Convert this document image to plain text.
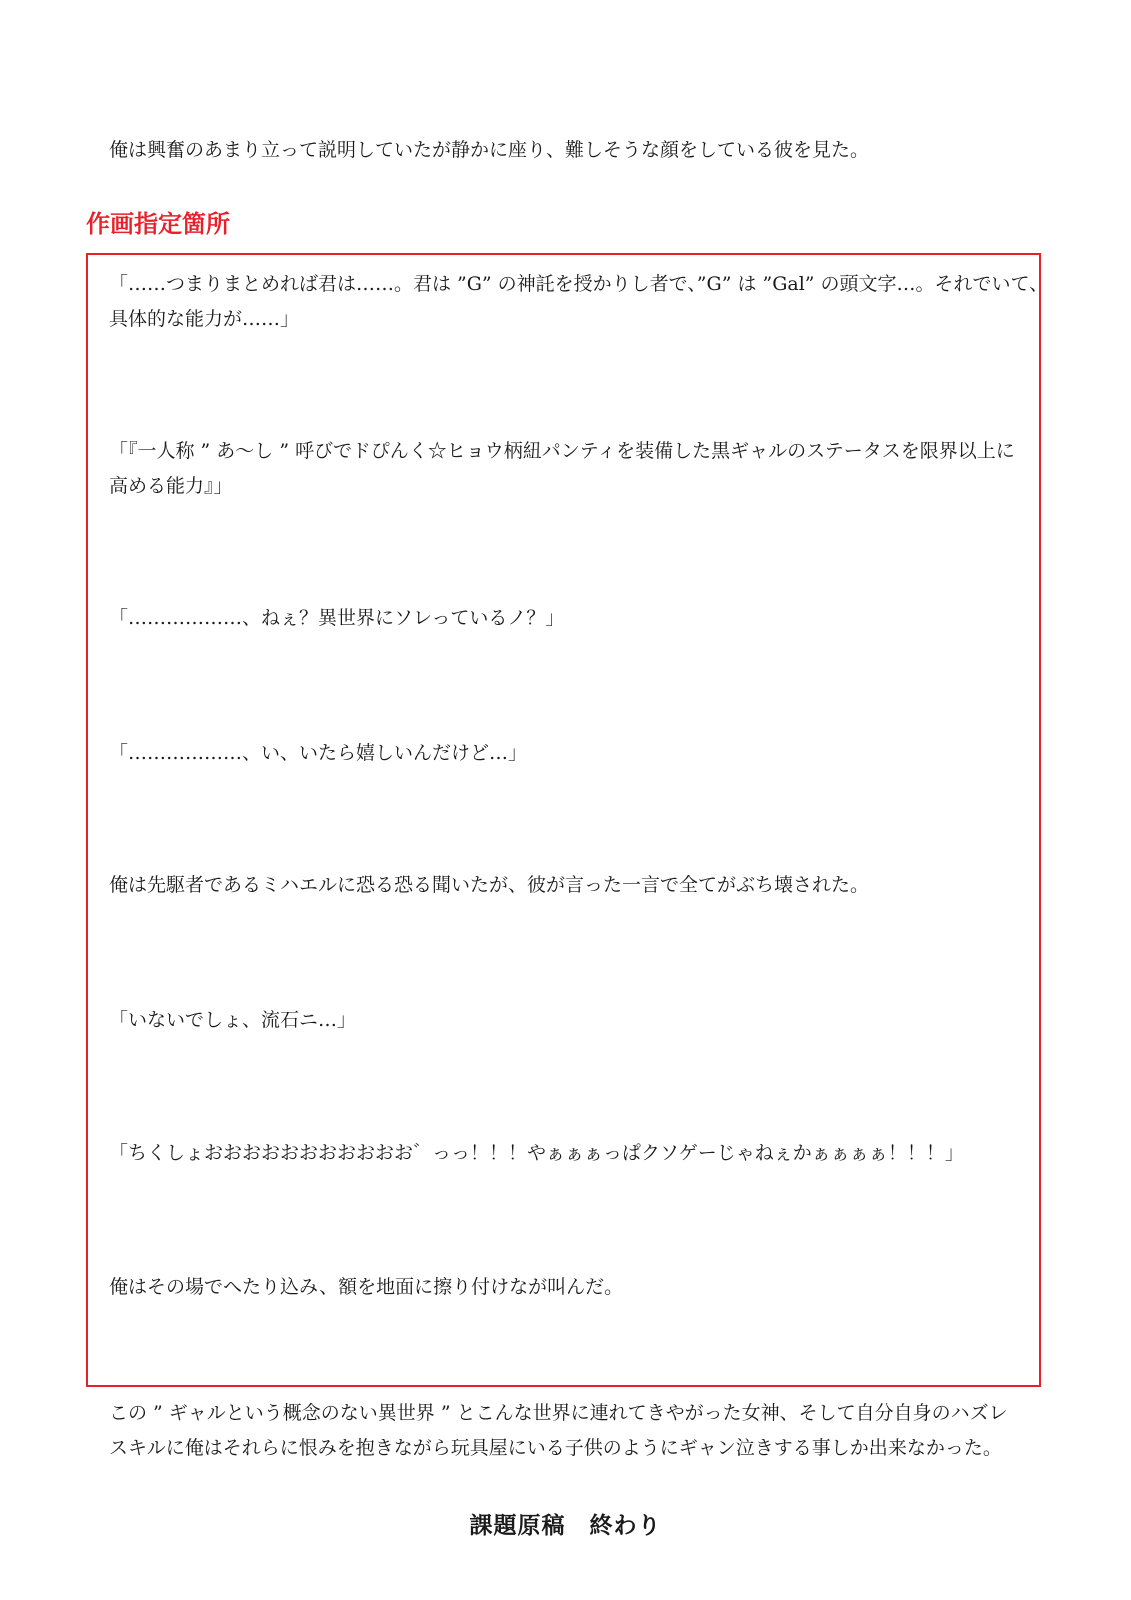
俺は興奮のあまり立って説明していたが静かに座り、難しそうな顔をしている彼を見た。

作画指定箇所

「……つまりまとめれば君は……。君は ”G” の神託を授かりし者で、”G” は ”Gal” の頭文字…。それでいて、

具体的な能力が……」

「『一人称 ” あ～し ” 呼びでドぴんく☆ヒョウ柄紐パンティを装備した黒ギャルのステータスを限界以上に

高める能力』」

「………………、ねぇ？異世界にソレっているノ？」

「………………、い、いたら嬉しいんだけど…」

俺は先駆者であるミハエルに恐る恐る聞いたが、彼が言った一言で全てがぶち壊された。

「いないでしょ、流石ニ…」

「ちくしょおおおおおおおおおおお゛っっ！！！やぁぁぁっぱクソゲーじゃねぇかぁぁぁぁ！！！」

俺はその場でへたり込み、額を地面に擦り付けなが叫んだ。

この ” ギャルという概念のない異世界 ” とこんな世界に連れてきやがった女神、そして自分自身のハズレ

スキルに俺はそれらに恨みを抱きながら玩具屋にいる子供のようにギャン泣きする事しか出来なかった。

課題原稿　終わり
